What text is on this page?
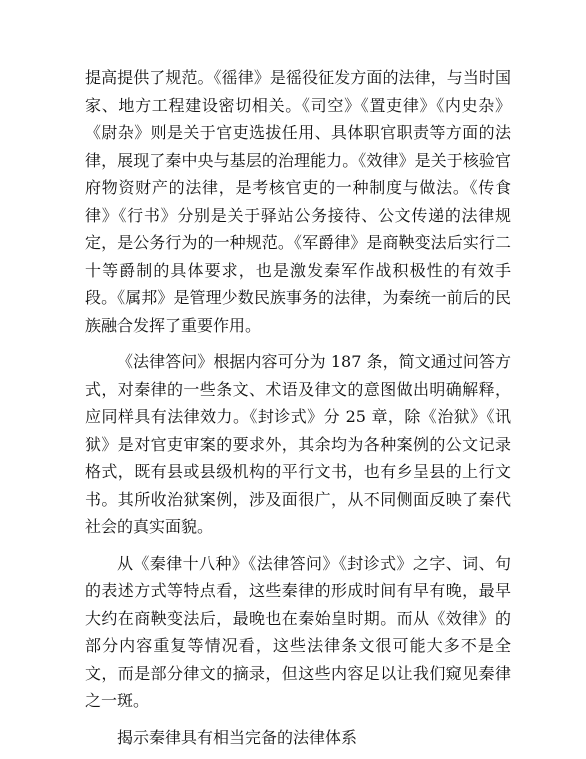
提高提供了规范。《徭律》是徭役征发方面的法律，与当时国家、地方工程建设密切相关。《司空》《置吏律》《内史杂》《尉杂》则是关于官吏选拔任用、具体职官职责等方面的法律，展现了秦中央与基层的治理能力。《效律》是关于核验官府物资财产的法律，是考核官吏的一种制度与做法。《传食律》《行书》分别是关于驿站公务接待、公文传递的法律规定，是公务行为的一种规范。《军爵律》是商鞅变法后实行二十等爵制的具体要求，也是激发秦军作战积极性的有效手段。《属邦》是管理少数民族事务的法律，为秦统一前后的民族融合发挥了重要作用。

《法律答问》根据内容可分为 187 条，简文通过问答方式，对秦律的一些条文、术语及律文的意图做出明确解释，应同样具有法律效力。《封诊式》分 25 章，除《治狱》《讯狱》是对官吏审案的要求外，其余均为各种案例的公文记录格式，既有县或县级机构的平行文书，也有乡呈县的上行文书。其所收治狱案例，涉及面很广，从不同侧面反映了秦代社会的真实面貌。

从《秦律十八种》《法律答问》《封诊式》之字、词、句的表述方式等特点看，这些秦律的形成时间有早有晚，最早大约在商鞅变法后，最晚也在秦始皇时期。而从《效律》的部分内容重复等情况看，这些法律条文很可能大多不是全文，而是部分律文的摘录，但这些内容足以让我们窥见秦律之一斑。

揭示秦律具有相当完备的法律体系
